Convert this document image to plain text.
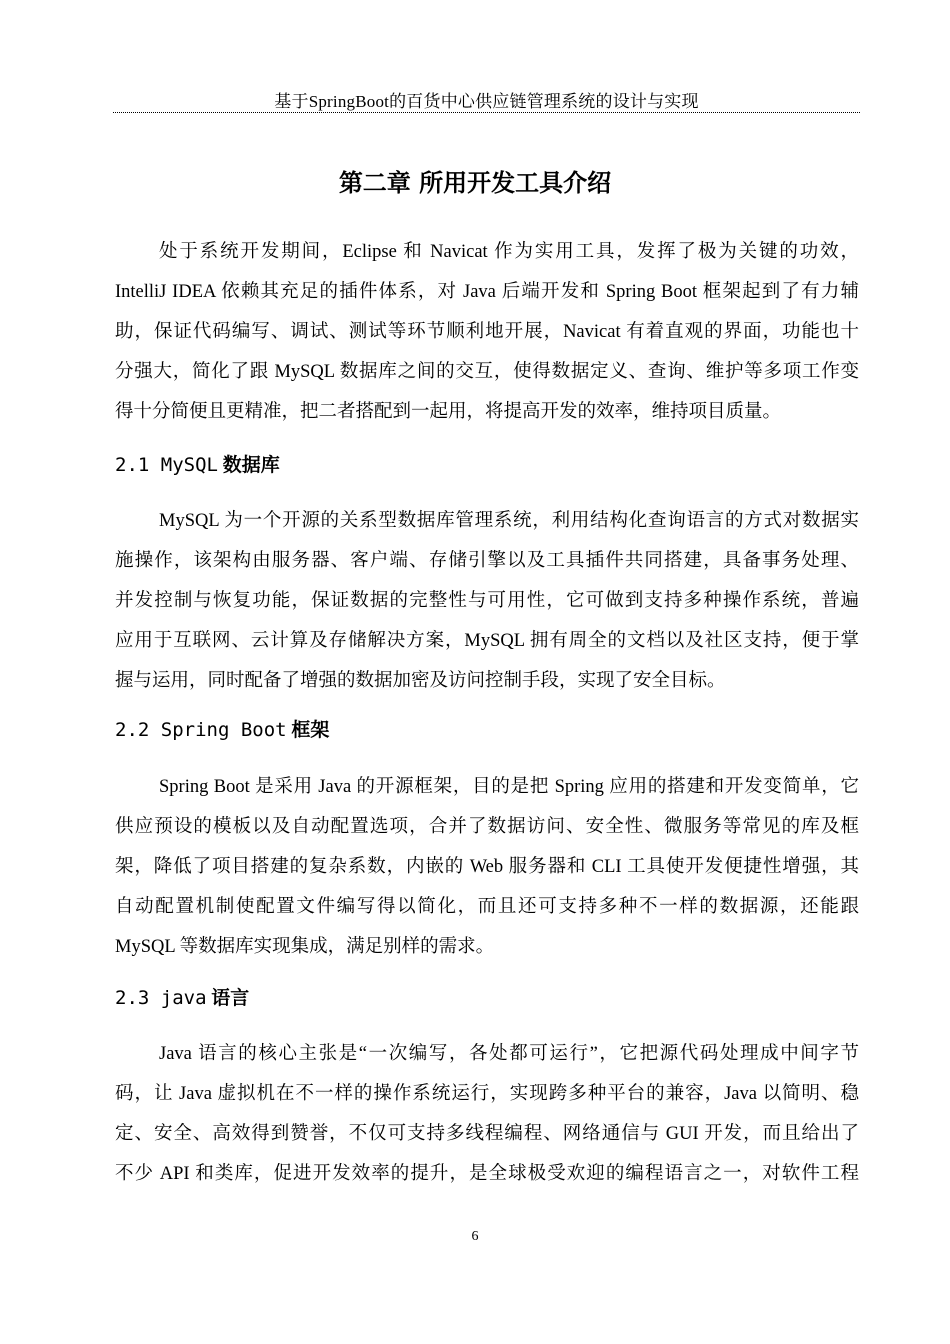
基于SpringBoot的百货中心供应链管理系统的设计与实现
第二章 所用开发工具介绍
处于系统开发期间，Eclipse 和 Navicat 作为实用工具，发挥了极为关键的功效，
IntelliJ IDEA 依赖其充足的插件体系，对 Java 后端开发和 Spring Boot 框架起到了有力辅
助，保证代码编写、调试、测试等环节顺利地开展，Navicat 有着直观的界面，功能也十
分强大，简化了跟 MySQL 数据库之间的交互，使得数据定义、查询、维护等多项工作变
得十分简便且更精准，把二者搭配到一起用，将提高开发的效率，维持项目质量。
2.1 MySQL 数据库
MySQL 为一个开源的关系型数据库管理系统，利用结构化查询语言的方式对数据实
施操作，该架构由服务器、客户端、存储引擎以及工具插件共同搭建，具备事务处理、
并发控制与恢复功能，保证数据的完整性与可用性，它可做到支持多种操作系统，普遍
应用于互联网、云计算及存储解决方案，MySQL 拥有周全的文档以及社区支持，便于掌
握与运用，同时配备了增强的数据加密及访问控制手段，实现了安全目标。
2.2 Spring Boot 框架
Spring Boot 是采用 Java 的开源框架，目的是把 Spring 应用的搭建和开发变简单，它
供应预设的模板以及自动配置选项，合并了数据访问、安全性、微服务等常见的库及框
架，降低了项目搭建的复杂系数，内嵌的 Web 服务器和 CLI 工具使开发便捷性增强，其
自动配置机制使配置文件编写得以简化，而且还可支持多种不一样的数据源，还能跟
MySQL 等数据库实现集成，满足别样的需求。
2.3 java 语言
Java 语言的核心主张是“一次编写，各处都可运行”，它把源代码处理成中间字节
码，让 Java 虚拟机在不一样的操作系统运行，实现跨多种平台的兼容，Java 以简明、稳
定、安全、高效得到赞誉，不仅可支持多线程编程、网络通信与 GUI 开发，而且给出了
不少 API 和类库，促进开发效率的提升，是全球极受欢迎的编程语言之一，对软件工程
6
